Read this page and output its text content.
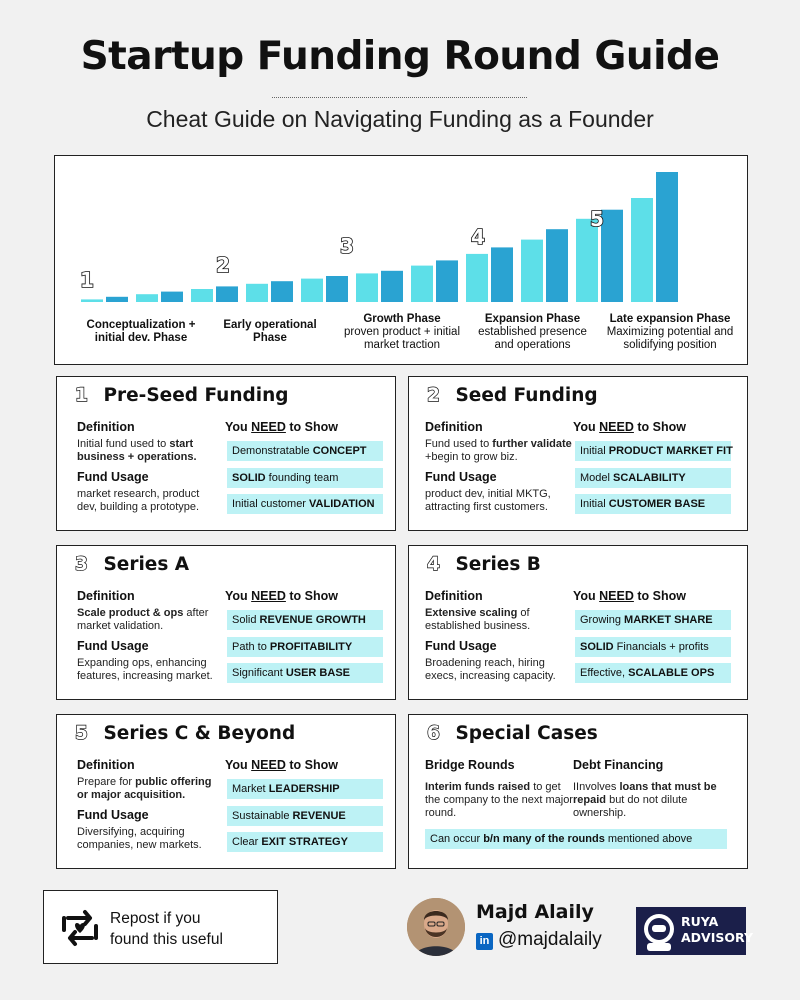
Startup Funding Round Guide
Cheat Guide on Navigating Funding as a Founder
1
2
3	4
5
Conceptualization + initial dev. Phase
Early operational Phase
Growth Phase
proven product + initial market traction
Expansion Phase
established presence and operations
Late expansion Phase
Maximizing potential and solidifying position
1 Pre-Seed Funding
Definition
Initial fund used to start business + operations.
Fund Usage
market research, product dev, building a prototype.
You NEED to Show
Demonstratable CONCEPT
SOLID founding team
Initial customer VALIDATION
2 Seed Funding
Definition
Fund used to further validate +begin to grow biz.
Fund Usage
product dev, initial MKTG, attracting first customers.
You NEED to Show
Initial PRODUCT MARKET FIT
Model SCALABILITY
Initial CUSTOMER BASE
3 Series A
Definition
Scale product & ops after market validation.
Fund Usage
Expanding ops, enhancing features, increasing market.
You NEED to Show
Solid REVENUE GROWTH
Path to PROFITABILITY
Significant USER BASE
4 Series B
Definition
Extensive scaling of established business.
Fund Usage
Broadening reach, hiring execs, increasing capacity.
You NEED to Show
Growing MARKET SHARE
SOLID Financials + profits
Effective, SCALABLE OPS
5 Series C & Beyond
Definition
Prepare for public offering or major acquisition.
Fund Usage
Diversifying, acquiring companies, new markets.
You NEED to Show
Market LEADERSHIP
Sustainable REVENUE
Clear EXIT STRATEGY
6 Special Cases
Bridge Rounds
Interim funds raised to get the company to the next major round.
Debt Financing
IInvolves loans that must be repaid but do not dilute ownership.
Can occur b/n many of the rounds mentioned above
Repost if you
found this useful
Majd Alaily
in @majdalaily
RUYA
ADVISORY
